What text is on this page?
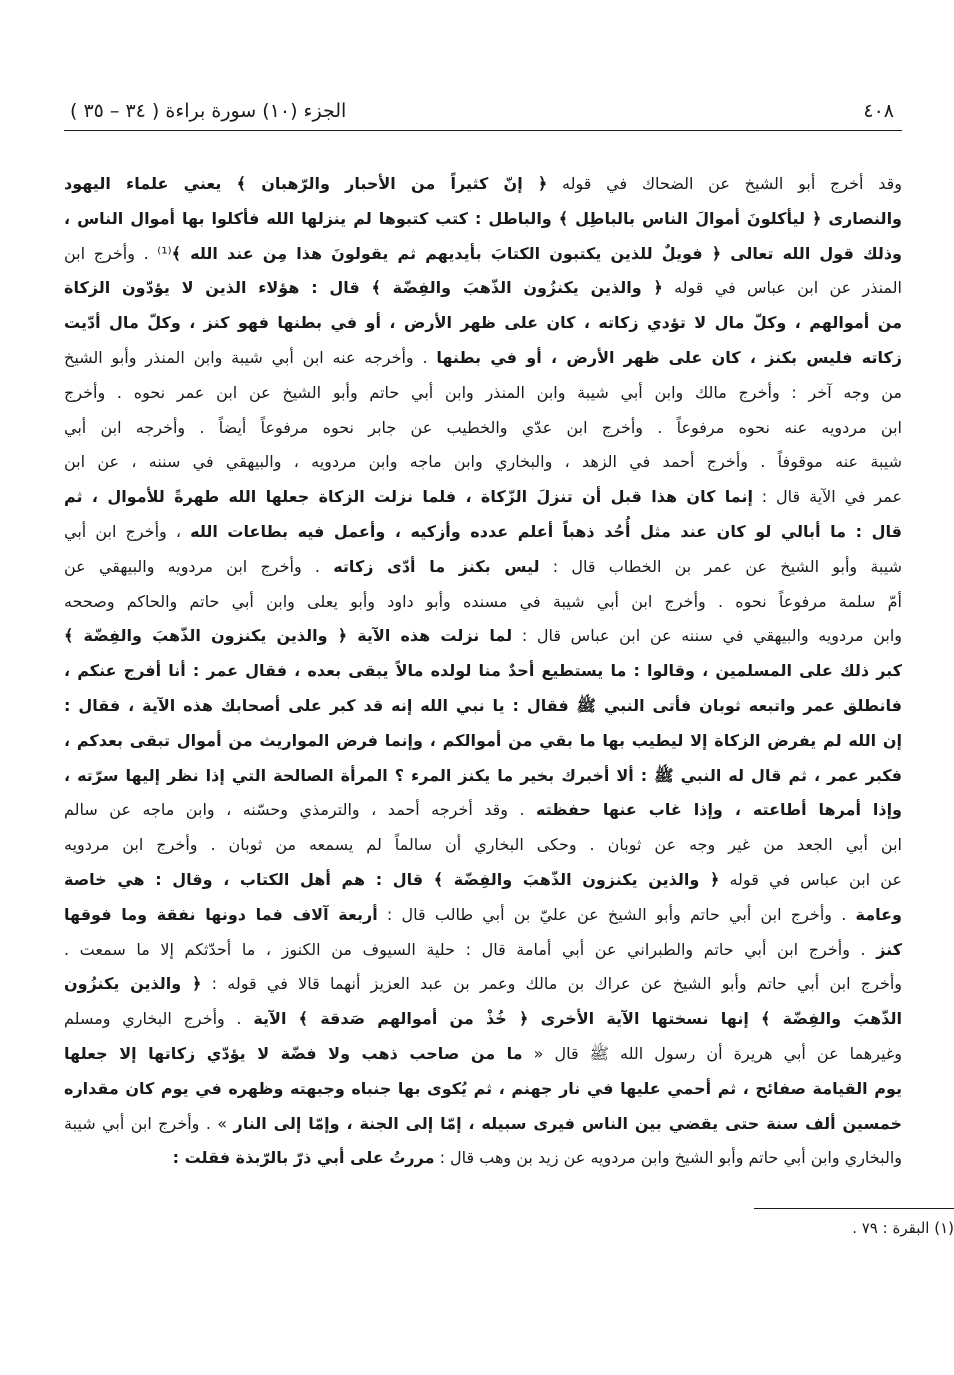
٤٠٨
الجزء (١٠) سورة براءة ( ٣٤ – ٣٥ )
وقد أخرج أبو الشيخ عن الضحاك في قوله ﴿ إنّ كثيراً من الأحبار والرّهبان ﴾ يعني علماء اليهود
والنصارى ﴿ ليأكلونَ أموالَ الناس بالباطِل ﴾ والباطل : كتب كتبوها لم ينزلها الله فأكلوا بها أموال الناس ،
وذلك قول الله تعالى ﴿ فويلٌ للذين يكتبون الكتابَ بأيديهم ثم يقولونَ هذا مِن عند الله ﴾⁽¹⁾ . وأخرج ابن
المنذر عن ابن عباس في قوله ﴿ والذين يكنزُون الذّهبَ والفِضّة ﴾ قال : هؤلاء الذين لا يؤدّون الزكاة
من أموالهم ، وكلّ مال لا تؤدي زكاته ، كان على ظهر الأرض ، أو في بطنها فهو كنز ، وكلّ مال أدّيت
زكاته فليس بكنز ، كان على ظهر الأرض ، أو في بطنها . وأخرجه عنه ابن أبي شيبة وابن المنذر وأبو الشيخ
من وجه آخر : وأخرج مالك وابن أبي شيبة وابن المنذر وابن أبي حاتم وأبو الشيخ عن ابن عمر نحوه . وأخرج
ابن مردويه عنه نحوه مرفوعاً . وأخرج ابن عدّي والخطيب عن جابر نحوه مرفوعاً أيضاً . وأخرجه ابن أبي
شيبة عنه موقوفاً . وأخرج أحمد في الزهد ، والبخاري وابن ماجه وابن مردويه ، والبيهقي في سننه ، عن ابن
عمر في الآية قال : إنما كان هذا قبل أن تنزلَ الزّكاة ، فلما نزلت الزكاة جعلها الله طهرةً للأموال ، ثم
قال : ما أبالي لو كان عند مثل أُحُد ذهباً أعلم عدده وأزكيه ، وأعمل فيه بطاعات الله ، وأخرج ابن أبي
شيبة وأبو الشيخ عن عمر بن الخطاب قال : ليس بكنز ما أدّى زكاته . وأخرج ابن مردويه والبيهقي عن
أمّ سلمة مرفوعاً نحوه . وأخرج ابن أبي شيبة في مسنده وأبو داود وأبو يعلى وابن أبي حاتم والحاكم وصححه
وابن مردويه والبيهقي في سننه عن ابن عباس قال : لما نزلت هذه الآية ﴿ والذين يكنزون الذّهبَ والفِضّة ﴾
كبر ذلك على المسلمين ، وقالوا : ما يستطيع أحدٌ منا لولده مالاً يبقى بعده ، فقال عمر : أنا أفرج عنكم ،
فانطلق عمر واتبعه ثوبان فأتى النبي ﷺ فقال : يا نبي الله إنه قد كبر على أصحابك هذه الآية ، فقال :
إن الله لم يفرض الزكاة إلا ليطيب بها ما بقي من أموالكم ، وإنما فرض المواريث من أموال تبقى بعدكم ،
فكبر عمر ، ثم قال له النبي ﷺ : ألا أخبرك بخير ما يكنز المرء ؟ المرأة الصالحة التي إذا نظر إليها سرّته ،
وإذا أمرها أطاعته ، وإذا غاب عنها حفظته . وقد أخرجه أحمد ، والترمذي وحسّنه ، وابن ماجه عن سالم
ابن أبي الجعد من غير وجه عن ثوبان . وحكى البخاري أن سالماً لم يسمعه من ثوبان . وأخرج ابن مردويه
عن ابن عباس في قوله ﴿ والذين يكنزون الذّهبَ والفِضّة ﴾ قال : هم أهل الكتاب ، وقال : هي خاصة
وعامة . وأخرج ابن أبي حاتم وأبو الشيخ عن عليّ بن أبي طالب قال : أربعة آلاف فما دونها نفقة وما فوقها
كنز . وأخرج ابن أبي حاتم والطبراني عن أبي أمامة قال : حلية السيوف من الكنوز ، ما أحدّثكم إلا ما سمعت .
وأخرج ابن أبي حاتم وأبو الشيخ عن عراك بن مالك وعمر بن عبد العزيز أنهما قالا في قوله : ﴿ والذين يكنزُون
الذّهبَ والفِضّة ﴾ إنها نسختها الآية الأخرى ﴿ خُذْ من أموالهم صَدقة ﴾ الآية . وأخرج البخاري ومسلم
وغيرهما عن أبي هريرة أن رسول الله ﷺ قال « ما من صاحب ذهب ولا فضّة لا يؤدّي زكاتها إلا جعلها
يوم القيامة صفائح ، ثم أحمي عليها في نار جهنم ، ثم يُكوى بها جنباه وجبهته وظهره في يوم كان مقداره
خمسين ألف سنة حتى يقضي بين الناس فيرى سبيله ، إمّا إلى الجنة ، وإمّا إلى النار » . وأخرج ابن أبي شيبة
والبخاري وابن أبي حاتم وأبو الشيخ وابن مردويه عن زيد بن وهب قال : مررتُ على أبي ذرّ بالرّبذة فقلت :
(١) البقرة : ٧٩ .
